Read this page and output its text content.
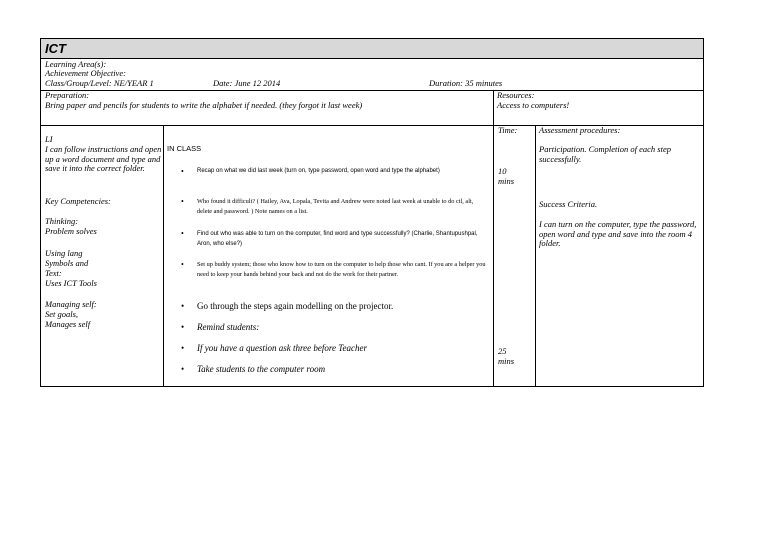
ICT
Learning Area(s):
Achievement Objective:
Class/Group/Level: NE/YEAR 1	Date: June 12 2014	Duration: 35 minutes
Preparation:
Bring paper and pencils for students to write the alphabet if needed. (they forgot it last week)
Resources:
Access to computers!
LI
I can follow instructions and open up a word document and type and save it into the correct folder.
Key Competencies:
Thinking:
Problem solves
Using lang
Symbols and
Text:
Uses ICT Tools
Managing self:
Set goals,
Manages self
IN CLASS
• Recap on what we did last week (turn on, type password, open word and type the alphabet)
• Who found it difficult? ( Hailey, Ava, Lopala, Tevita and Andrew were noted last week at unable to do ctl, alt, delete and password. ) Note names on a list.
• Find out who was able to turn on the computer, find word and type successfully? (Charlie, Shantupushpal, Aron, who else?)
• Set up buddy system; those who know how to turn on the computer to help those who cant. If you are a helper you need to keep your hands behind your back and not do the work for their partner.
• Go through the steps again modelling on the projector.
• Remind students:
• If you have a question ask three before Teacher
• Take students to the computer room
Time:
10
mins
25
mins
Assessment procedures:
Participation. Completion of each step successfully.
Success Criteria.
I can turn on the computer, type the password, open word and type and save into the room 4 folder.
